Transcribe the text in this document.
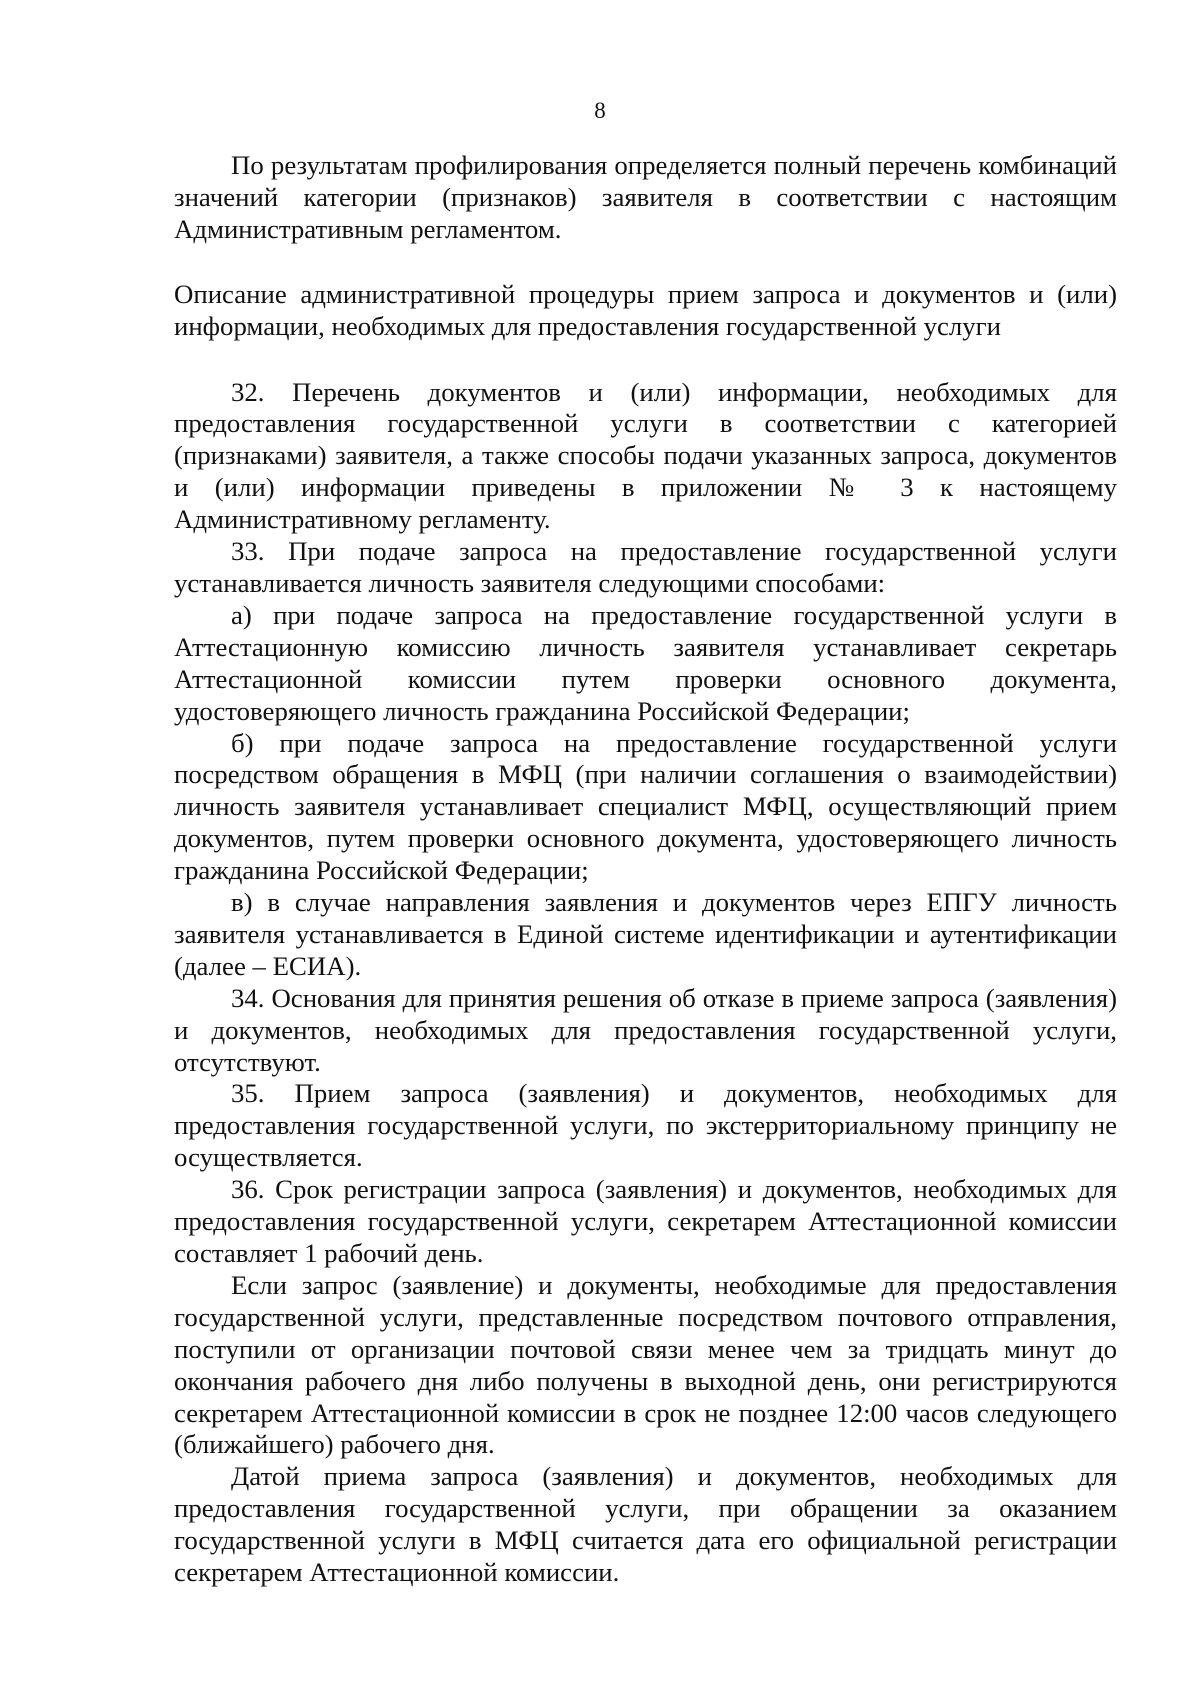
8

По результатам профилирования определяется полный перечень комбинаций значений категории (признаков) заявителя в соответствии с настоящим Административным регламентом.

Описание административной процедуры прием запроса и документов и (или) информации, необходимых для предоставления государственной услуги

32. Перечень документов и (или) информации, необходимых для предоставления государственной услуги в соответствии с категорией (признаками) заявителя, а также способы подачи указанных запроса, документов и (или) информации приведены в приложении № 3 к настоящему Административному регламенту.

33. При подаче запроса на предоставление государственной услуги устанавливается личность заявителя следующими способами:

а) при подаче запроса на предоставление государственной услуги в Аттестационную комиссию личность заявителя устанавливает секретарь Аттестационной комиссии путем проверки основного документа, удостоверяющего личность гражданина Российской Федерации;

б) при подаче запроса на предоставление государственной услуги посредством обращения в МФЦ (при наличии соглашения о взаимодействии) личность заявителя устанавливает специалист МФЦ, осуществляющий прием документов, путем проверки основного документа, удостоверяющего личность гражданина Российской Федерации;

в) в случае направления заявления и документов через ЕПГУ личность заявителя устанавливается в Единой системе идентификации и аутентификации (далее – ЕСИА).

34. Основания для принятия решения об отказе в приеме запроса (заявления) и документов, необходимых для предоставления государственной услуги, отсутствуют.

35. Прием запроса (заявления) и документов, необходимых для предоставления государственной услуги, по экстерриториальному принципу не осуществляется.

36. Срок регистрации запроса (заявления) и документов, необходимых для предоставления государственной услуги, секретарем Аттестационной комиссии составляет 1 рабочий день.

Если запрос (заявление) и документы, необходимые для предоставления государственной услуги, представленные посредством почтового отправления, поступили от организации почтовой связи менее чем за тридцать минут до окончания рабочего дня либо получены в выходной день, они регистрируются секретарем Аттестационной комиссии в срок не позднее 12:00 часов следующего (ближайшего) рабочего дня.

Датой приема запроса (заявления) и документов, необходимых для предоставления государственной услуги, при обращении за оказанием государственной услуги в МФЦ считается дата его официальной регистрации секретарем Аттестационной комиссии.
